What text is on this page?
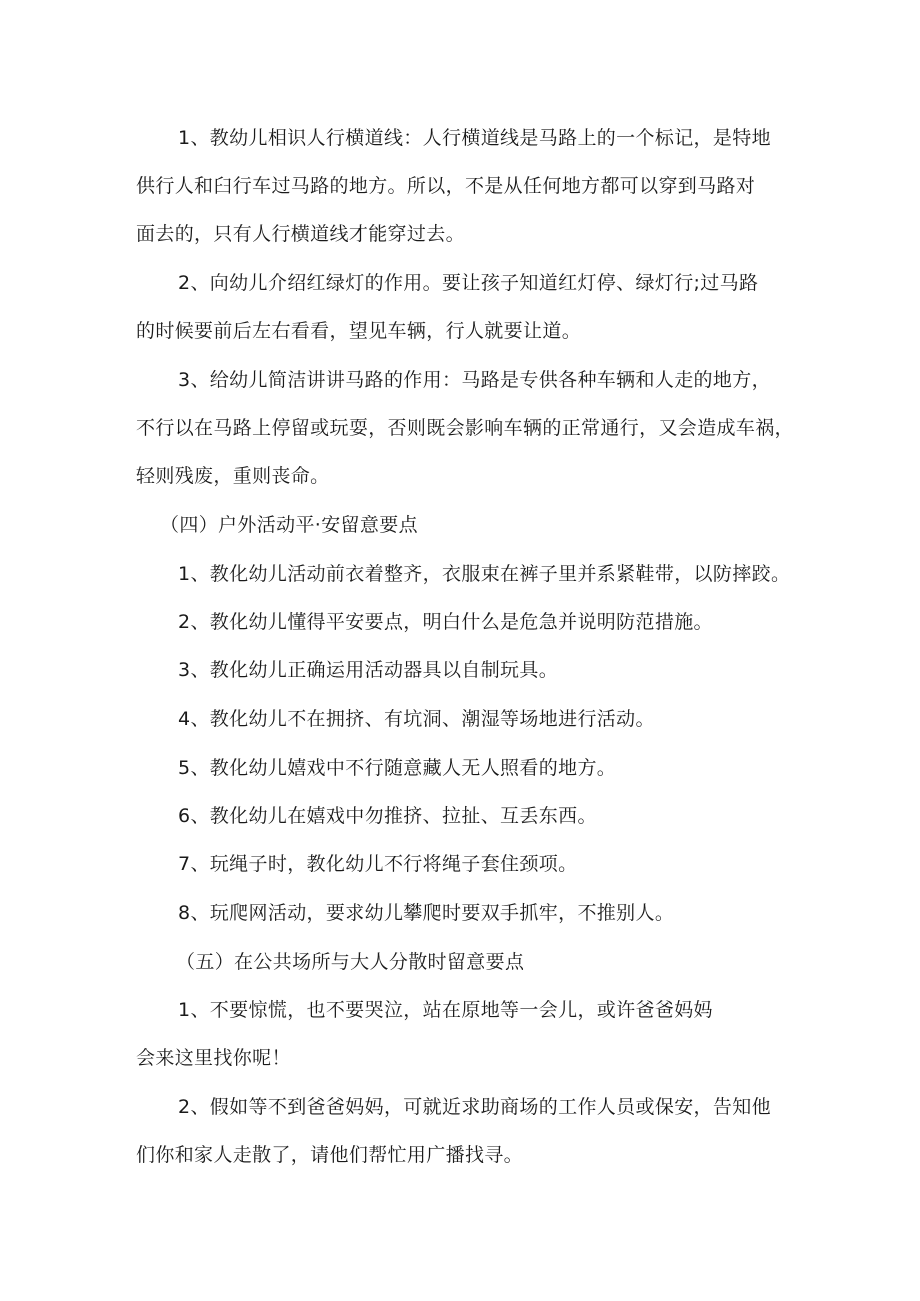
1、教幼儿相识人行横道线：人行横道线是马路上的一个标记，是特地
供行人和臼行车过马路的地方。所以，不是从任何地方都可以穿到马路对
面去的，只有人行横道线才能穿过去。
2、向幼儿介绍红绿灯的作用。要让孩子知道红灯停、绿灯行;过马路
的时候要前后左右看看，望见车辆，行人就要让道。
3、给幼儿简洁讲讲马路的作用：马路是专供各种车辆和人走的地方，
不行以在马路上停留或玩耍，否则既会影响车辆的正常通行，又会造成车祸，
轻则残废，重则丧命。
（四）户外活动平·安留意要点
1、教化幼儿活动前衣着整齐，衣服束在裤子里并系紧鞋带，以防摔跤。
2、教化幼儿懂得平安要点，明白什么是危急并说明防范措施。
3、教化幼儿正确运用活动器具以自制玩具。
4、教化幼儿不在拥挤、有坑洞、潮湿等场地进行活动。
5、教化幼儿嬉戏中不行随意藏人无人照看的地方。
6、教化幼儿在嬉戏中勿推挤、拉扯、互丢东西。
7、玩绳子时，教化幼儿不行将绳子套住颈项。
8、玩爬网活动，要求幼儿攀爬时要双手抓牢，不推别人。
（五）在公共场所与大人分散时留意要点
1、不要惊慌，也不要哭泣，站在原地等一会儿，或许爸爸妈妈
会来这里找你呢！
2、假如等不到爸爸妈妈，可就近求助商场的工作人员或保安，告知他
们你和家人走散了，请他们帮忙用广播找寻。
